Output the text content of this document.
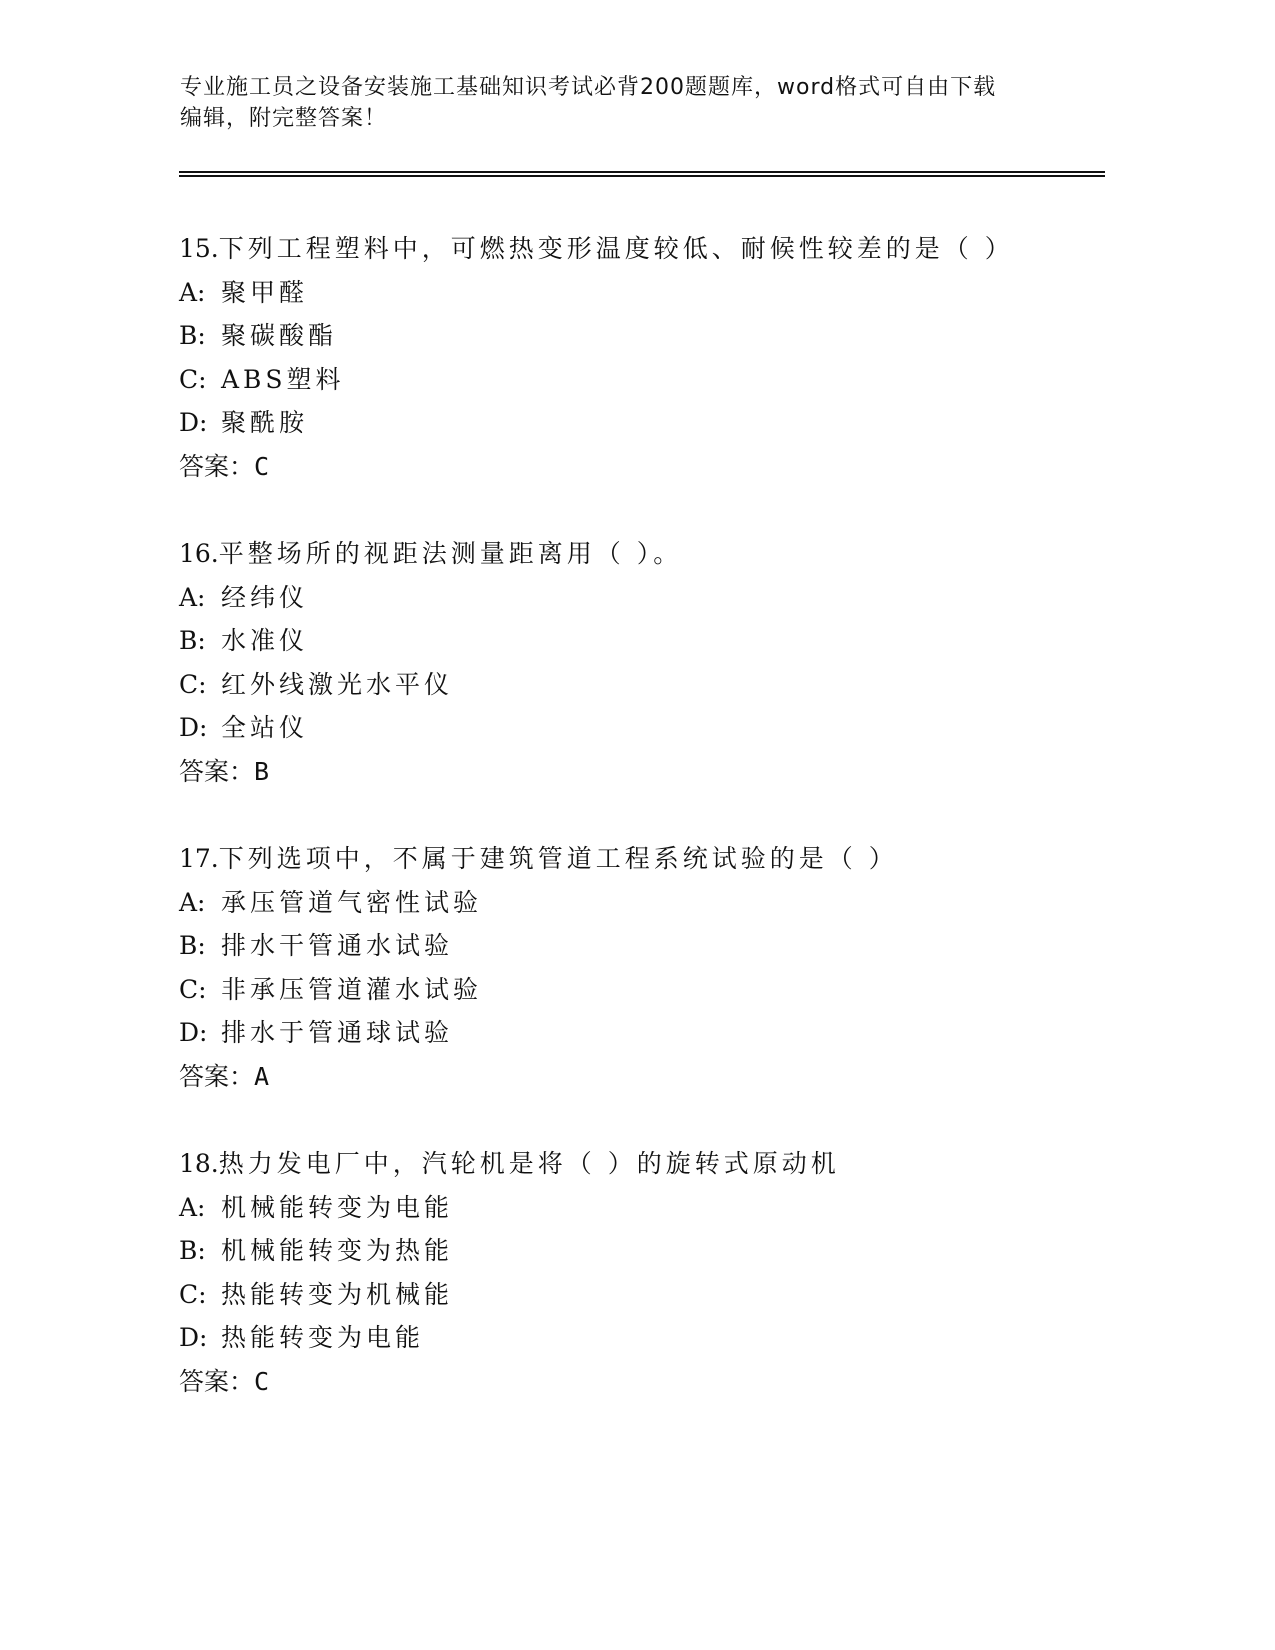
专业施工员之设备安装施工基础知识考试必背200题题库，word格式可自由下载
编辑，附完整答案！
15.下列工程塑料中，可燃热变形温度较低、耐候性较差的是（ ）
A: 聚甲醛
B: 聚碳酸酯
C: ABS塑料
D: 聚酰胺
答案：C
16.平整场所的视距法测量距离用（ ）。
A: 经纬仪
B: 水准仪
C: 红外线激光水平仪
D: 全站仪
答案：B
17.下列选项中，不属于建筑管道工程系统试验的是（ ）
A: 承压管道气密性试验
B: 排水干管通水试验
C: 非承压管道灌水试验
D: 排水于管通球试验
答案：A
18.热力发电厂中，汽轮机是将（ ）的旋转式原动机
A: 机械能转变为电能
B: 机械能转变为热能
C: 热能转变为机械能
D: 热能转变为电能
答案：C
